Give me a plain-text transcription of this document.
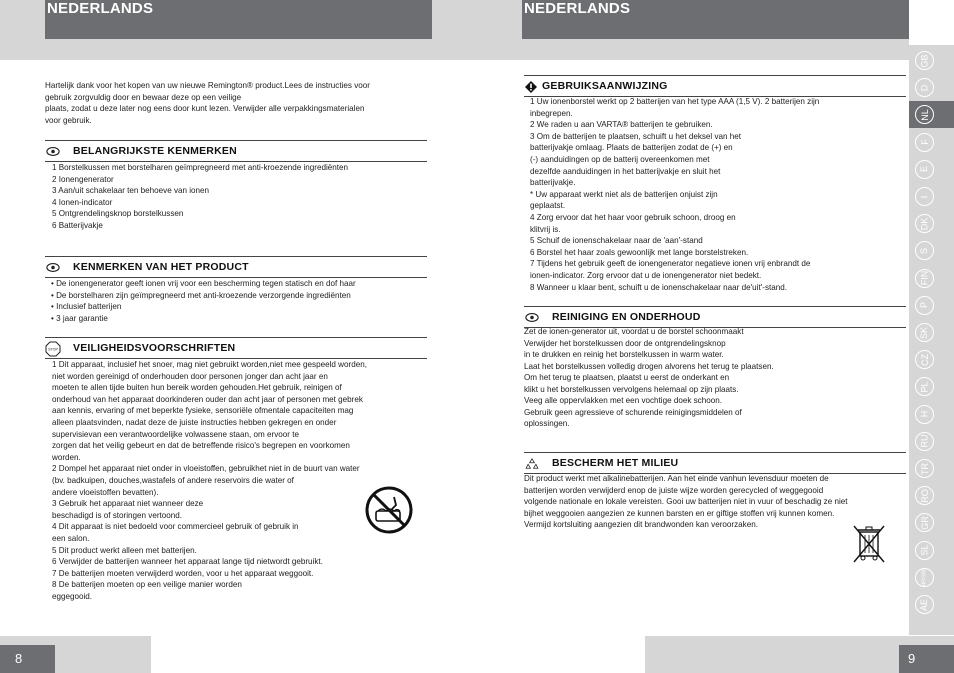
NEDERLANDS
Hartelijk dank voor het kopen van uw nieuwe Remington® product.Lees de instructies voor
gebruik zorgvuldig door en bewaar deze op een veilige
plaats, zodat u deze later nog eens door kunt lezen. Verwijder alle verpakkingsmaterialen
voor gebruik.
BELANGRIJKSTE KENMERKEN
1 Borstelkussen met borstelharen geïmpregneerd met anti-kroezende ingrediënten
2 Ionengenerator
3 Aan/uit schakelaar ten behoeve van ionen
4 Ionen-indicator
5 Ontgrendelingsknop borstelkussen
6 Batterijvakje
KENMERKEN VAN HET PRODUCT
• De ionengenerator geeft ionen vrij voor een bescherming tegen statisch en dof haar
• De borstelharen zijn geïmpregneerd met anti-kroezende verzorgende ingrediënten
• Inclusief batterijen
• 3 jaar garantie
STOP VEILIGHEIDSVOORSCHRIFTEN
1 Dit apparaat, inclusief het snoer, mag niet gebruikt worden,niet mee gespeeld worden,
niet worden gereinigd of onderhouden door personen jonger dan acht jaar en
moeten te allen tijde buiten hun bereik worden gehouden.Het gebruik, reinigen of
onderhoud van het apparaat doorkinderen ouder dan acht jaar of personen met gebrek
aan kennis, ervaring of met beperkte fysieke, sensoriële ofmentale capaciteiten mag
alleen plaatsvinden, nadat deze de juiste instructies hebben gekregen en onder
supervisievan een verantwoordelijke volwassene staan, om ervoor te
zorgen dat het veilig gebeurt en dat de betreffende risico's begrepen en voorkomen
worden.
2 Dompel het apparaat niet onder in vloeistoffen, gebruikhet niet in de buurt van water
(bv. badkuipen, douches,wastafels of andere reservoirs die water of
andere vloeistoffen bevatten).
3 Gebruik het apparaat niet wanneer deze
beschadigd is of storingen vertoond.
4 Dit apparaat is niet bedoeld voor commercieel gebruik of gebruik in
een salon.
5 Dit product werkt alleen met batterijen.
6 Verwijder de batterijen wanneer het apparaat lange tijd nietwordt gebruikt.
7 De batterijen moeten verwijderd worden, voor u het apparaat weggooit.
8 De batterijen moeten op een veilige manier worden
eggegooid.
8
NEDERLANDS
GEBRUIKSAANWIJZING
1 Uw ionenborstel werkt op 2 batterijen van het type AAA (1,5 V). 2 batterijen zijn
inbegrepen.
2 We raden u aan VARTA® batterijen te gebruiken.
3 Om de batterijen te plaatsen, schuift u het deksel van het
batterijvakje omlaag. Plaats de batterijen zodat de (+) en
(-) aanduidingen op de batterij overeenkomen met
dezelfde aanduidingen in het batterijvakje en sluit het
batterijvakje.
* Uw apparaat werkt niet als de batterijen onjuist zijn
geplaatst.
4 Zorg ervoor dat het haar voor gebruik schoon, droog en
klitvrij is.
5 Schuif de ionenschakelaar naar de 'aan'-stand
6 Borstel het haar zoals gewoonlijk met lange borstelstreken.
7 Tijdens het gebruik geeft de ionengenerator negatieve ionen vrij enbrandt de
ionen-indicator. Zorg ervoor dat u de ionengenerator niet bedekt.
8 Wanneer u klaar bent, schuift u de ionenschakelaar naar de'uit'-stand.
REINIGING EN ONDERHOUD
Zet de ionen-generator uit, voordat u de borstel schoonmaakt
Verwijder het borstelkussen door de ontgrendelingsknop
in te drukken en reinig het borstelkussen in warm water.
Laat het borstelkussen volledig drogen alvorens het terug te plaatsen.
Om het terug te plaatsen, plaatst u eerst de onderkant en
klikt u het borstelkussen vervolgens helemaal op zijn plaats.
Veeg alle oppervlakken met een vochtige doek schoon.
Gebruik geen agressieve of schurende reinigingsmiddelen of
oplossingen.
BESCHERM HET MILIEU
Dit product werkt met alkalinebatterijen. Aan het einde vanhun levensduur moeten de
batterijen worden verwijderd enop de juiste wijze worden gerecycled of weggegooid
volgende nationale en lokale vereisten. Gooi uw batterijen niet in vuur of beschadig ze niet
bijhet weggooien aangezien ze kunnen barsten en er giftige stoffen vrij kunnen komen.
Vermijd kortsluiting aangezien dit brandwonden kan veroorzaken.
9
GB
D
NL
F
E
I
DK
S
FIN
P
SK
CZ
PL
H
RU
TR
RO
GR
SL
HR/SRB
AE
